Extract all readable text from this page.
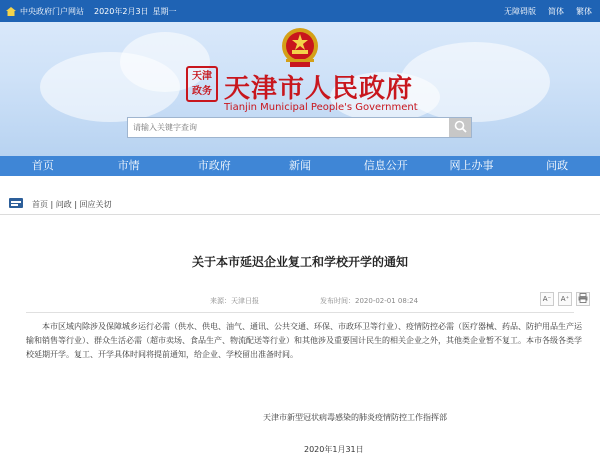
中央政府门户网站 2020年2月3日 星期一	无障碍版 简体 繁体
天津
政务 天津市人民政府
Tianjin Municipal People's Government
请输入关键字查询
首页	市情	市政府	新闻	信息公开	网上办事	问政
首页 | 问政 | 回应关切
关于本市延迟企业复工和学校开学的通知
来源：天津日报	发布时间：2020-02-01 08:24	A⁻	A⁺
本市区域内除涉及保障城乡运行必需（供水、供电、油气、通讯、公共交通、环保、市政环卫等行业）、疫情防控必需（医疗器械、药品、防护用品生产运输和销售等行业）、群众生活必需（超市卖场、食品生产、物流配送等行业）和其他涉及重要国计民生的相关企业之外，其他类企业暂不复工。本市各级各类学校延期开学。复工、开学具体时间将提前通知，给企业、学校留出准备时间。
天津市新型冠状病毒感染的肺炎疫情防控工作指挥部
2020年1月31日
